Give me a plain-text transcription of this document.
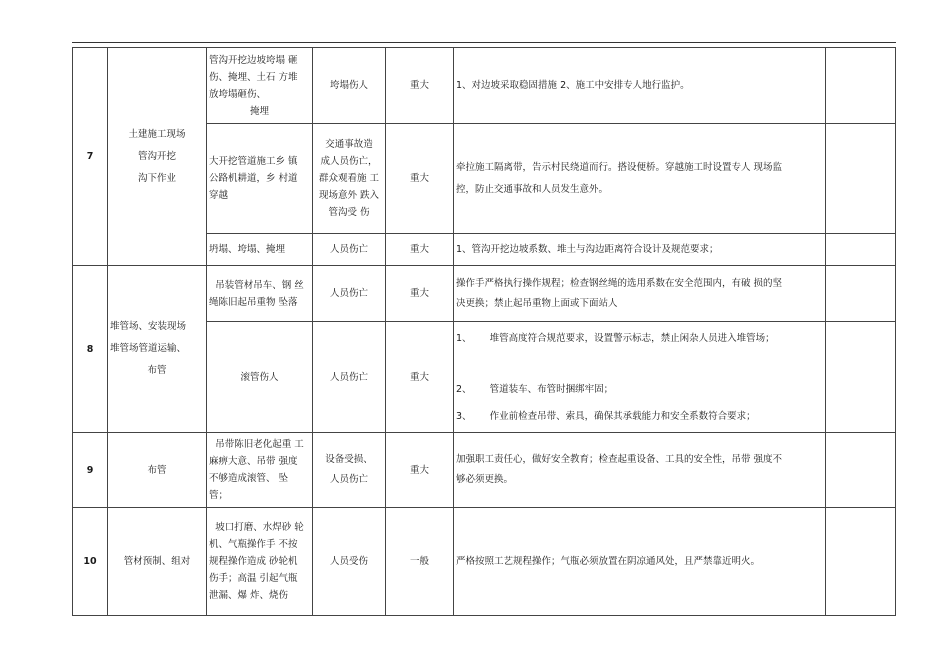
7	土建施工现场
管沟开挖
沟下作业	管沟开挖边坡垮塌 砸
伤、掩埋、土石 方堆
放垮塌砸伤、
掩埋	垮塌伤人	重大	1、对边坡采取稳固措施 2、施工中安排专人地行监护。	

		大开挖管道施工乡 镇
公路机耕道，乡 村道
穿越	交通事故造
成人员伤亡，
群众观看施 工
现场意外 跌入
管沟受 伤	重大	牵拉施工隔离带，告示村民绕道而行。搭设便桥。穿越施工时设置专人 现场监
控，防止交通事故和人员发生意外。	

		坍塌、垮塌、掩埋	人员伤亡	重大	1、管沟开挖边坡系数、堆土与沟边距离符合设计及规范要求；	
8	堆管场、安装现场
堆管场管道运输、
布管	吊装管材吊车、钢 丝
绳陈旧起吊重物 坠落	人员伤亡	重大	操作手严格执行操作规程；检查钢丝绳的选用系数在安全范围内，有破 损的坚
决更换；禁止起吊重物上面或下面站人	

		滚管伤人	人员伤亡	重大	1、      堆管高度符合规范要求，设置警示标志，禁止闲杂人员进入堆管场；
2、      管道装车、布管时捆绑牢固；
3、      作业前检查吊带、索具，确保其承载能力和安全系数符合要求；	

9	布管	吊带陈旧老化起重 工
麻痹大意、吊带 强度
不够造成滚管、 坠
管；	设备受损、
人员伤亡	重大	加强职工责任心，做好安全教育；检查起重设备、工具的安全性，吊带 强度不
够必须更换。	

10	管材预制、组对	坡口打磨、水焊砂 轮
机、气瓶操作手 不按
规程操作造成 砂轮机
伤手；高温 引起气瓶
泄漏、爆 炸、烧伤	人员受伤	一般	严格按照工艺规程操作；气瓶必须放置在阴凉通风处，且严禁靠近明火。	
